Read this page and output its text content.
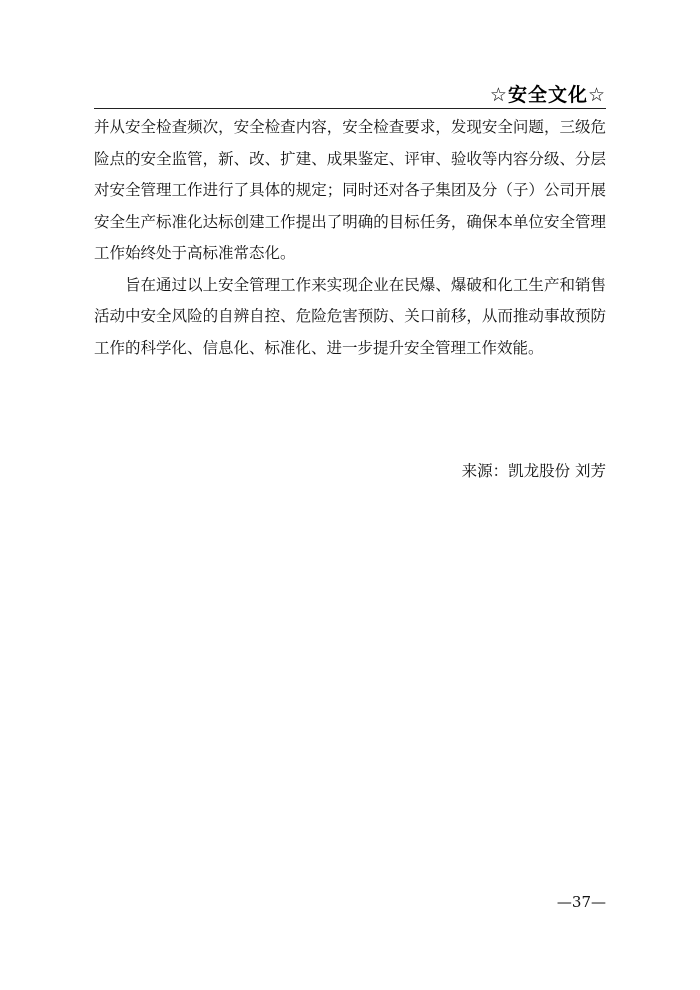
☆安全文化☆

并从安全检查频次，安全检查内容，安全检查要求，发现安全问题，三级危险点的安全监管，新、改、扩建、成果鉴定、评审、验收等内容分级、分层对安全管理工作进行了具体的规定；同时还对各子集团及分（子）公司开展安全生产标准化达标创建工作提出了明确的目标任务，确保本单位安全管理工作始终处于高标准常态化。

旨在通过以上安全管理工作来实现企业在民爆、爆破和化工生产和销售活动中安全风险的自辨自控、危险危害预防、关口前移，从而推动事故预防工作的科学化、信息化、标准化、进一步提升安全管理工作效能。

来源：凯龙股份 刘芳
—37—
